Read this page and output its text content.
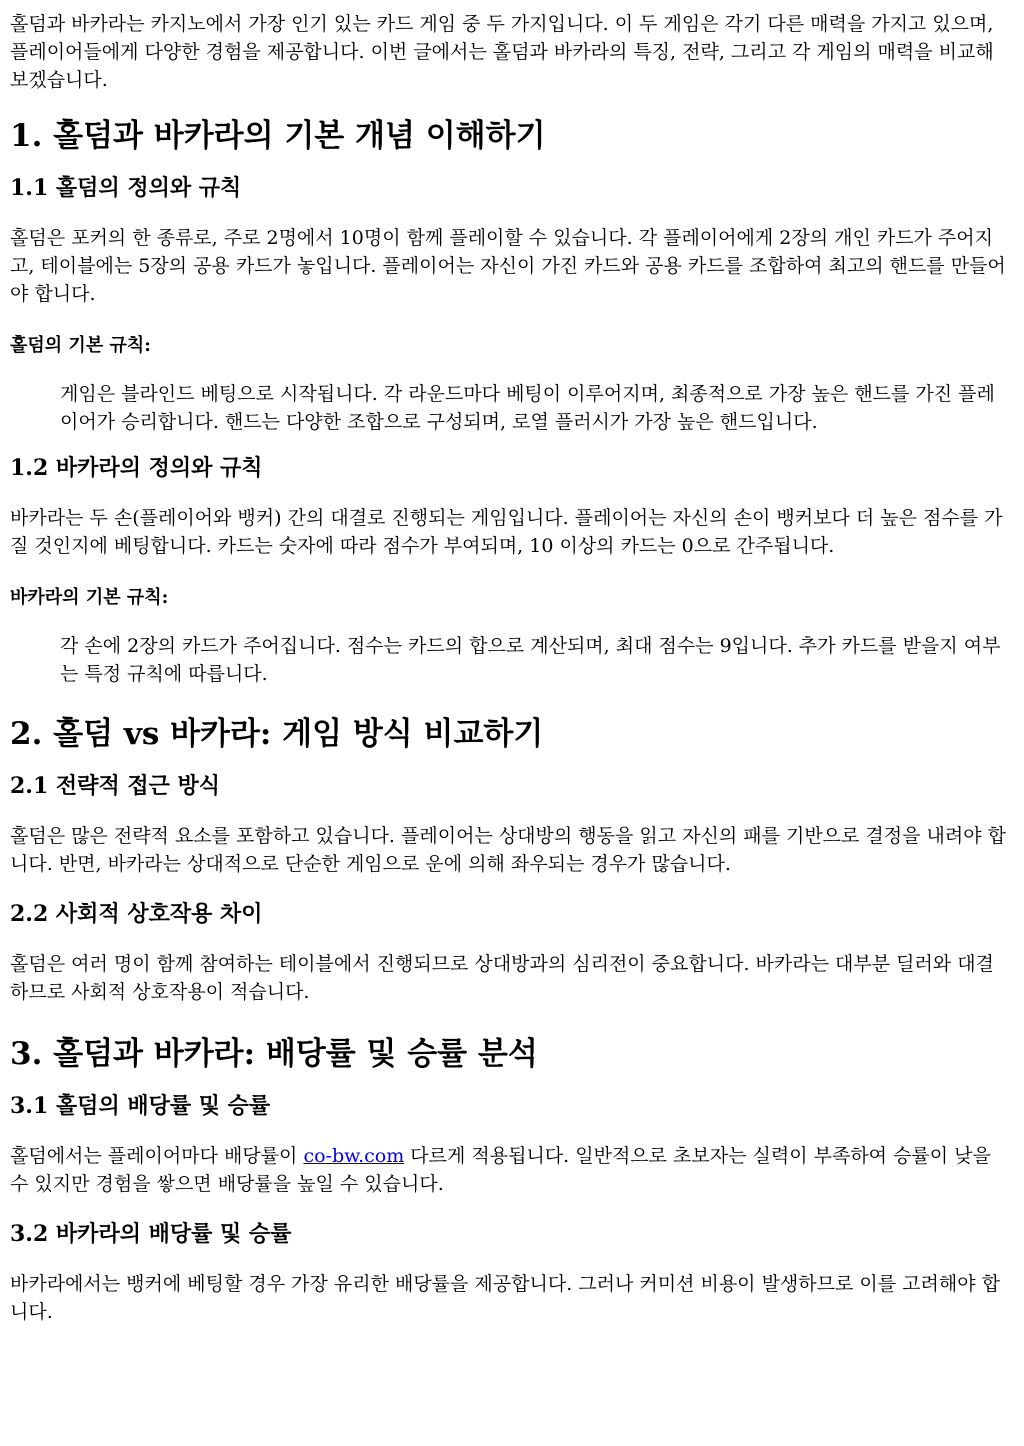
홀덤과 바카라는 카지노에서 가장 인기 있는 카드 게임 중 두 가지입니다. 이 두 게임은 각기 다른 매력을 가지고 있으며, 플레이어들에게 다양한 경험을 제공합니다. 이번 글에서는 홀덤과 바카라의 특징, 전략, 그리고 각 게임의 매력을 비교해 보겠습니다.

1. 홀덤과 바카라의 기본 개념 이해하기
1.1 홀덤의 정의와 규칙

홀덤은 포커의 한 종류로, 주로 2명에서 10명이 함께 플레이할 수 있습니다. 각 플레이어에게 2장의 개인 카드가 주어지고, 테이블에는 5장의 공용 카드가 놓입니다. 플레이어는 자신이 가진 카드와 공용 카드를 조합하여 최고의 핸드를 만들어야 합니다.

홀덤의 기본 규칙:
게임은 블라인드 베팅으로 시작됩니다. 각 라운드마다 베팅이 이루어지며, 최종적으로 가장 높은 핸드를 가진 플레이어가 승리합니다. 핸드는 다양한 조합으로 구성되며, 로열 플러시가 가장 높은 핸드입니다.
1.2 바카라의 정의와 규칙

바카라는 두 손(플레이어와 뱅커) 간의 대결로 진행되는 게임입니다. 플레이어는 자신의 손이 뱅커보다 더 높은 점수를 가질 것인지에 베팅합니다. 카드는 숫자에 따라 점수가 부여되며, 10 이상의 카드는 0으로 간주됩니다.

바카라의 기본 규칙:
각 손에 2장의 카드가 주어집니다. 점수는 카드의 합으로 계산되며, 최대 점수는 9입니다. 추가 카드를 받을지 여부는 특정 규칙에 따릅니다.
2. 홀덤 vs 바카라: 게임 방식 비교하기
2.1 전략적 접근 방식

홀덤은 많은 전략적 요소를 포함하고 있습니다. 플레이어는 상대방의 행동을 읽고 자신의 패를 기반으로 결정을 내려야 합니다. 반면, 바카라는 상대적으로 단순한 게임으로 운에 의해 좌우되는 경우가 많습니다.

2.2 사회적 상호작용 차이

홀덤은 여러 명이 함께 참여하는 테이블에서 진행되므로 상대방과의 심리전이 중요합니다. 바카라는 대부분 딜러와 대결하므로 사회적 상호작용이 적습니다.

3. 홀덤과 바카라: 배당률 및 승률 분석
3.1 홀덤의 배당률 및 승률

홀덤에서는 플레이어마다 배당률이 co-bw.com 다르게 적용됩니다. 일반적으로 초보자는 실력이 부족하여 승률이 낮을 수 있지만 경험을 쌓으면 배당률을 높일 수 있습니다.

3.2 바카라의 배당률 및 승률

바카라에서는 뱅커에 베팅할 경우 가장 유리한 배당률을 제공합니다. 그러나 커미션 비용이 발생하므로 이를 고려해야 합니다.
